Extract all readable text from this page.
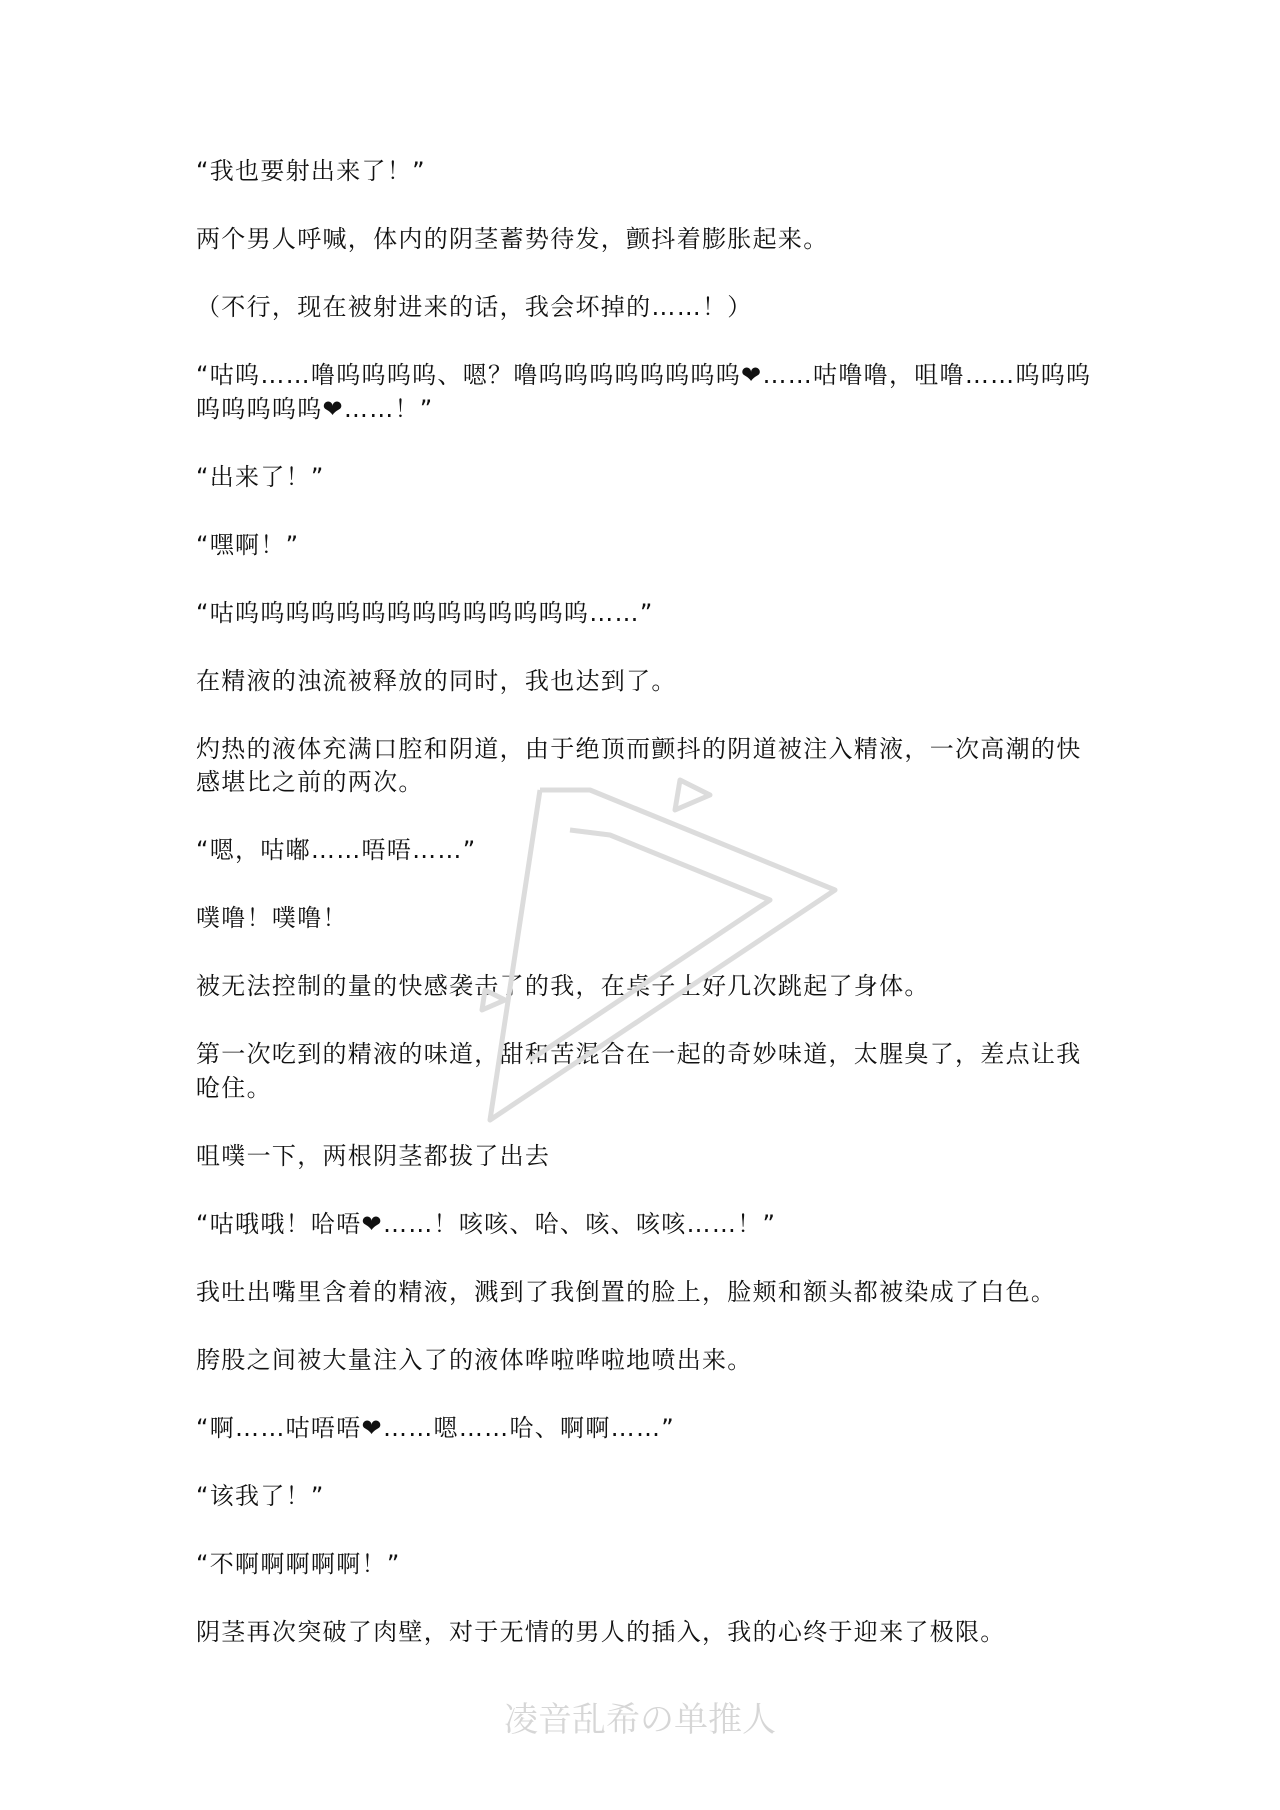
“我也要射出来了！”

两个男人呼喊，体内的阴茎蓄势待发，颤抖着膨胀起来。

（不行，现在被射进来的话，我会坏掉的……！）

“咕呜……噜呜呜呜呜、嗯？噜呜呜呜呜呜呜呜呜❤……咕噜噜，咀噜……呜呜呜呜呜呜呜呜❤……！”

“出来了！”

“嘿啊！”

“咕呜呜呜呜呜呜呜呜呜呜呜呜呜呜……”

在精液的浊流被释放的同时，我也达到了。

灼热的液体充满口腔和阴道，由于绝顶而颤抖的阴道被注入精液，一次高潮的快感堪比之前的两次。

“嗯，咕嘟……唔唔……”

噗噜！噗噜！

被无法控制的量的快感袭击了的我，在桌子上好几次跳起了身体。

第一次吃到的精液的味道，甜和苦混合在一起的奇妙味道，太腥臭了，差点让我呛住。

咀噗一下，两根阴茎都拔了出去

“咕哦哦！哈唔❤……！咳咳、哈、咳、咳咳……！”

我吐出嘴里含着的精液，溅到了我倒置的脸上，脸颊和额头都被染成了白色。

胯股之间被大量注入了的液体哗啦哗啦地喷出来。

“啊……咕唔唔❤……嗯……哈、啊啊……”

“该我了！”

“不啊啊啊啊啊！”

阴茎再次突破了肉壁，对于无情的男人的插入，我的心终于迎来了极限。

凌音乱希の单推人
